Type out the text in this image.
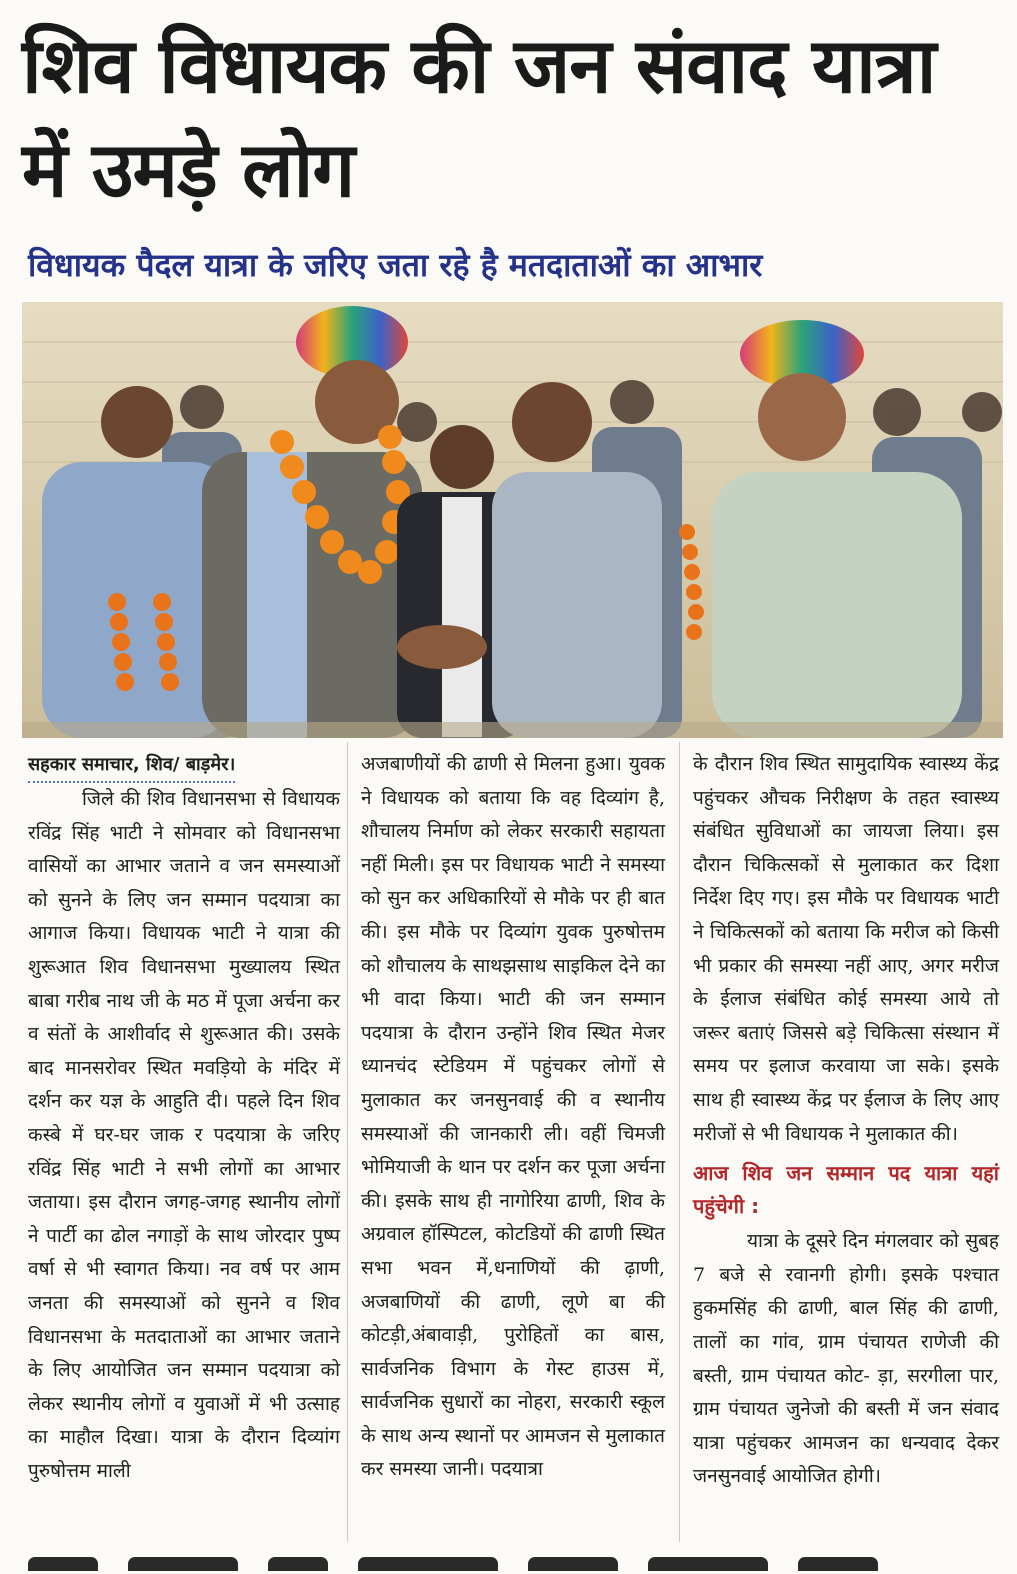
शिव विधायक की जन संवाद यात्रा में उमड़े लोग
विधायक पैदल यात्रा के जरिए जता रहे है मतदाताओं का आभार
सहकार समाचार, शिव/ बाड़मेर।

जिले की शिव विधानसभा से विधायक रविंद्र सिंह भाटी ने सोमवार को विधानसभा वासियों का आभार जताने व जन समस्याओं को सुनने के लिए जन सम्मान पदयात्रा का आगाज किया। विधायक भाटी ने यात्रा की शुरूआत शिव विधानसभा मुख्यालय स्थित बाबा गरीब नाथ जी के मठ में पूजा अर्चना कर व संतों के आशीर्वाद से शुरूआत की। उसके बाद मानसरोवर स्थित मवड़ियो के मंदिर में दर्शन कर यज्ञ के आहुति दी। पहले दिन शिव कस्बे में घर-घर जाक र पदयात्रा के जरिए रविंद्र सिंह भाटी ने सभी लोगों का आभार जताया। इस दौरान जगह-जगह स्थानीय लोगों ने पार्टी का ढोल नगाड़ों के साथ जोरदार पुष्प वर्षा से भी स्वागत किया। नव वर्ष पर आम जनता की समस्याओं को सुनने व शिव विधानसभा के मतदाताओं का आभार जताने के लिए आयोजित जन सम्मान पदयात्रा को लेकर स्थानीय लोगों व युवाओं में भी उत्साह का माहौल दिखा। यात्रा के दौरान दिव्यांग पुरुषोत्तम माली

अजबाणीयों की ढाणी से मिलना हुआ। युवक ने विधायक को बताया कि वह दिव्यांग है, शौचालय निर्माण को लेकर सरकारी सहायता नहीं मिली। इस पर विधायक भाटी ने समस्या को सुन कर अधिकारियों से मौके पर ही बात की। इस मौके पर दिव्यांग युवक पुरुषोत्तम को शौचालय के साथझसाथ साइकिल देने का भी वादा किया। भाटी की जन सम्मान पदयात्रा के दौरान उन्होंने शिव स्थित मेजर ध्यानचंद स्टेडियम में पहुंचकर लोगों से मुलाकात कर जनसुनवाई की व स्थानीय समस्याओं की जानकारी ली। वहीं चिमजी भोमियाजी के थान पर दर्शन कर पूजा अर्चना की। इसके साथ ही नागोरिया ढाणी, शिव के अग्रवाल हॉस्पिटल, कोटडियों की ढाणी स्थित सभा भवन में,धनाणियों की ढ़ाणी, अजबाणियों की ढाणी, लूणे बा की कोटड़ी,अंबावाड़ी, पुरोहितों का बास, सार्वजनिक विभाग के गेस्ट हाउस में, सार्वजनिक सुधारों का नोहरा, सरकारी स्कूल के साथ अन्य स्थानों पर आमजन से मुलाकात कर समस्या जानी। पदयात्रा

के दौरान शिव स्थित सामुदायिक स्वास्थ्य केंद्र पहुंचकर औचक निरीक्षण के तहत स्वास्थ्य संबंधित सुविधाओं का जायजा लिया। इस दौरान चिकित्सकों से मुलाकात कर दिशा निर्देश दिए गए। इस मौके पर विधायक भाटी ने चिकित्सकों को बताया कि मरीज को किसी भी प्रकार की समस्या नहीं आए, अगर मरीज के ईलाज संबंधित कोई समस्या आये तो जरूर बताएं जिससे बड़े चिकित्सा संस्थान में समय पर इलाज करवाया जा सके। इसके साथ ही स्वास्थ्य केंद्र पर ईलाज के लिए आए मरीजों से भी विधायक ने मुलाकात की।

आज शिव जन सम्मान पद यात्रा यहां पहुंचेगी :

यात्रा के दूसरे दिन मंगलवार को सुबह 7 बजे से रवानगी होगी। इसके पश्चात हुकमसिंह की ढाणी, बाल सिंह की ढाणी, तालों का गांव, ग्राम पंचायत राणेजी की बस्ती, ग्राम पंचायत कोट- ड़ा, सरगीला पार, ग्राम पंचायत जुनेजो की बस्ती में जन संवाद यात्रा पहुंचकर आमजन का धन्यवाद देकर जनसुनवाई आयोजित होगी।
